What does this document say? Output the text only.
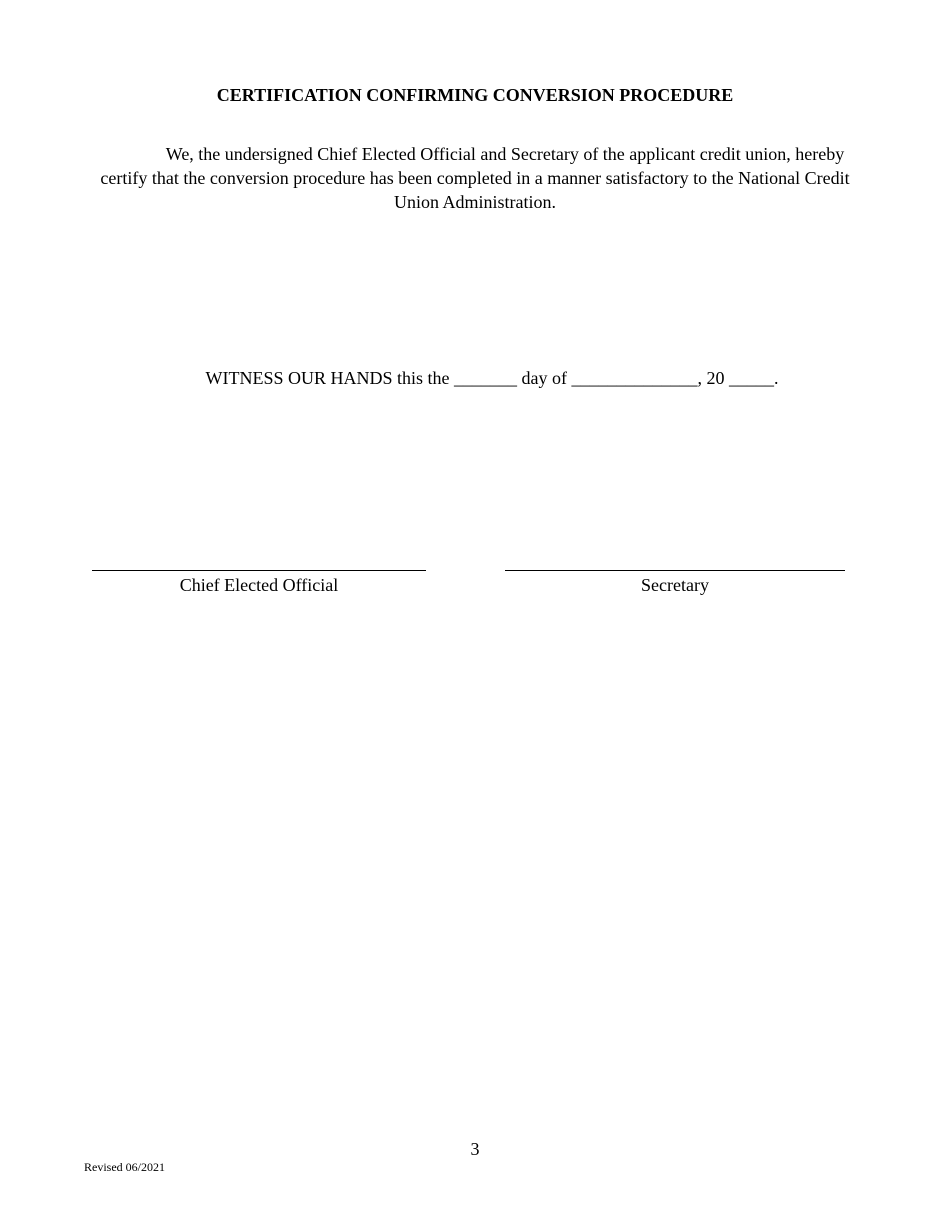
CERTIFICATION CONFIRMING CONVERSION PROCEDURE

We, the undersigned Chief Elected Official and Secretary of the applicant credit union, hereby certify that the conversion procedure has been completed in a manner satisfactory to the National Credit Union Administration.

WITNESS OUR HANDS this the _______ day of ______________, 20 _____.

Chief Elected Official	Secretary
3
Revised 06/2021
